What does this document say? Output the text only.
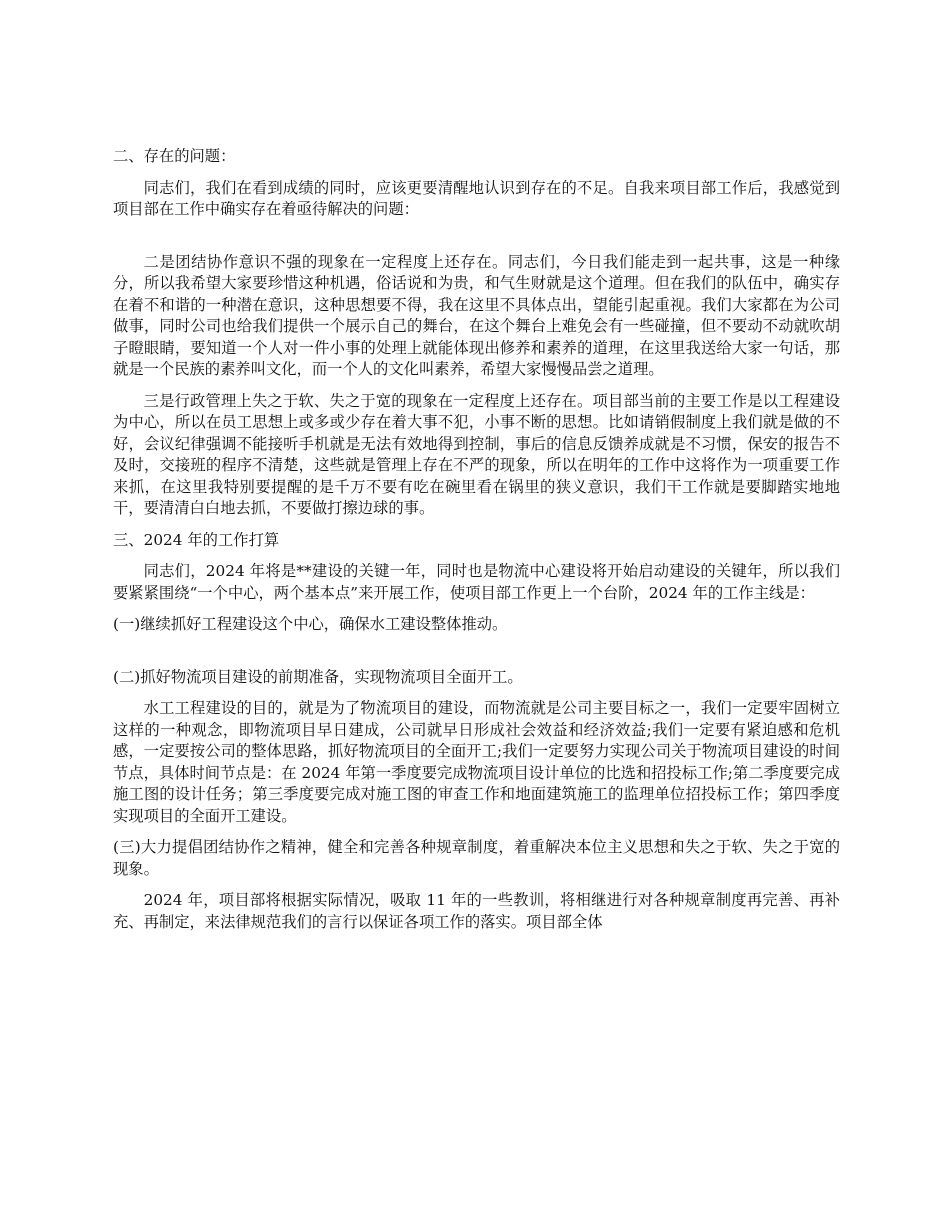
二、存在的问题：

同志们，我们在看到成绩的同时，应该更要清醒地认识到存在的不足。自我来项目部工作后，我感觉到项目部在工作中确实存在着亟待解决的问题：

二是团结协作意识不强的现象在一定程度上还存在。同志们，今日我们能走到一起共事，这是一种缘分，所以我希望大家要珍惜这种机遇，俗话说和为贵，和气生财就是这个道理。但在我们的队伍中，确实存在着不和谐的一种潜在意识，这种思想要不得，我在这里不具体点出，望能引起重视。我们大家都在为公司做事，同时公司也给我们提供一个展示自己的舞台，在这个舞台上难免会有一些碰撞，但不要动不动就吹胡子瞪眼睛，要知道一个人对一件小事的处理上就能体现出修养和素养的道理，在这里我送给大家一句话，那就是一个民族的素养叫文化，而一个人的文化叫素养，希望大家慢慢品尝之道理。

三是行政管理上失之于软、失之于宽的现象在一定程度上还存在。项目部当前的主要工作是以工程建设为中心，所以在员工思想上或多或少存在着大事不犯，小事不断的思想。比如请销假制度上我们就是做的不好，会议纪律强调不能接听手机就是无法有效地得到控制，事后的信息反馈养成就是不习惯，保安的报告不及时，交接班的程序不清楚，这些就是管理上存在不严的现象，所以在明年的工作中这将作为一项重要工作来抓，在这里我特别要提醒的是千万不要有吃在碗里看在锅里的狭义意识，我们干工作就是要脚踏实地地干，要清清白白地去抓，不要做打擦边球的事。

三、2024 年的工作打算

同志们，2024 年将是**建设的关键一年，同时也是物流中心建设将开始启动建设的关键年，所以我们要紧紧围绕“一个中心，两个基本点”来开展工作，使项目部工作更上一个台阶，2024 年的工作主线是：

(一)继续抓好工程建设这个中心，确保水工建设整体推动。

(二)抓好物流项目建设的前期准备，实现物流项目全面开工。

水工工程建设的目的，就是为了物流项目的建设，而物流就是公司主要目标之一，我们一定要牢固树立这样的一种观念，即物流项目早日建成，公司就早日形成社会效益和经济效益;我们一定要有紧迫感和危机感，一定要按公司的整体思路，抓好物流项目的全面开工;我们一定要努力实现公司关于物流项目建设的时间节点，具体时间节点是：在 2024 年第一季度要完成物流项目设计单位的比选和招投标工作;第二季度要完成施工图的设计任务；第三季度要完成对施工图的审查工作和地面建筑施工的监理单位招投标工作；第四季度实现项目的全面开工建设。

(三)大力提倡团结协作之精神，健全和完善各种规章制度，着重解决本位主义思想和失之于软、失之于宽的现象。

2024 年，项目部将根据实际情况，吸取 11 年的一些教训，将相继进行对各种规章制度再完善、再补充、再制定，来法律规范我们的言行以保证各项工作的落实。项目部全体
